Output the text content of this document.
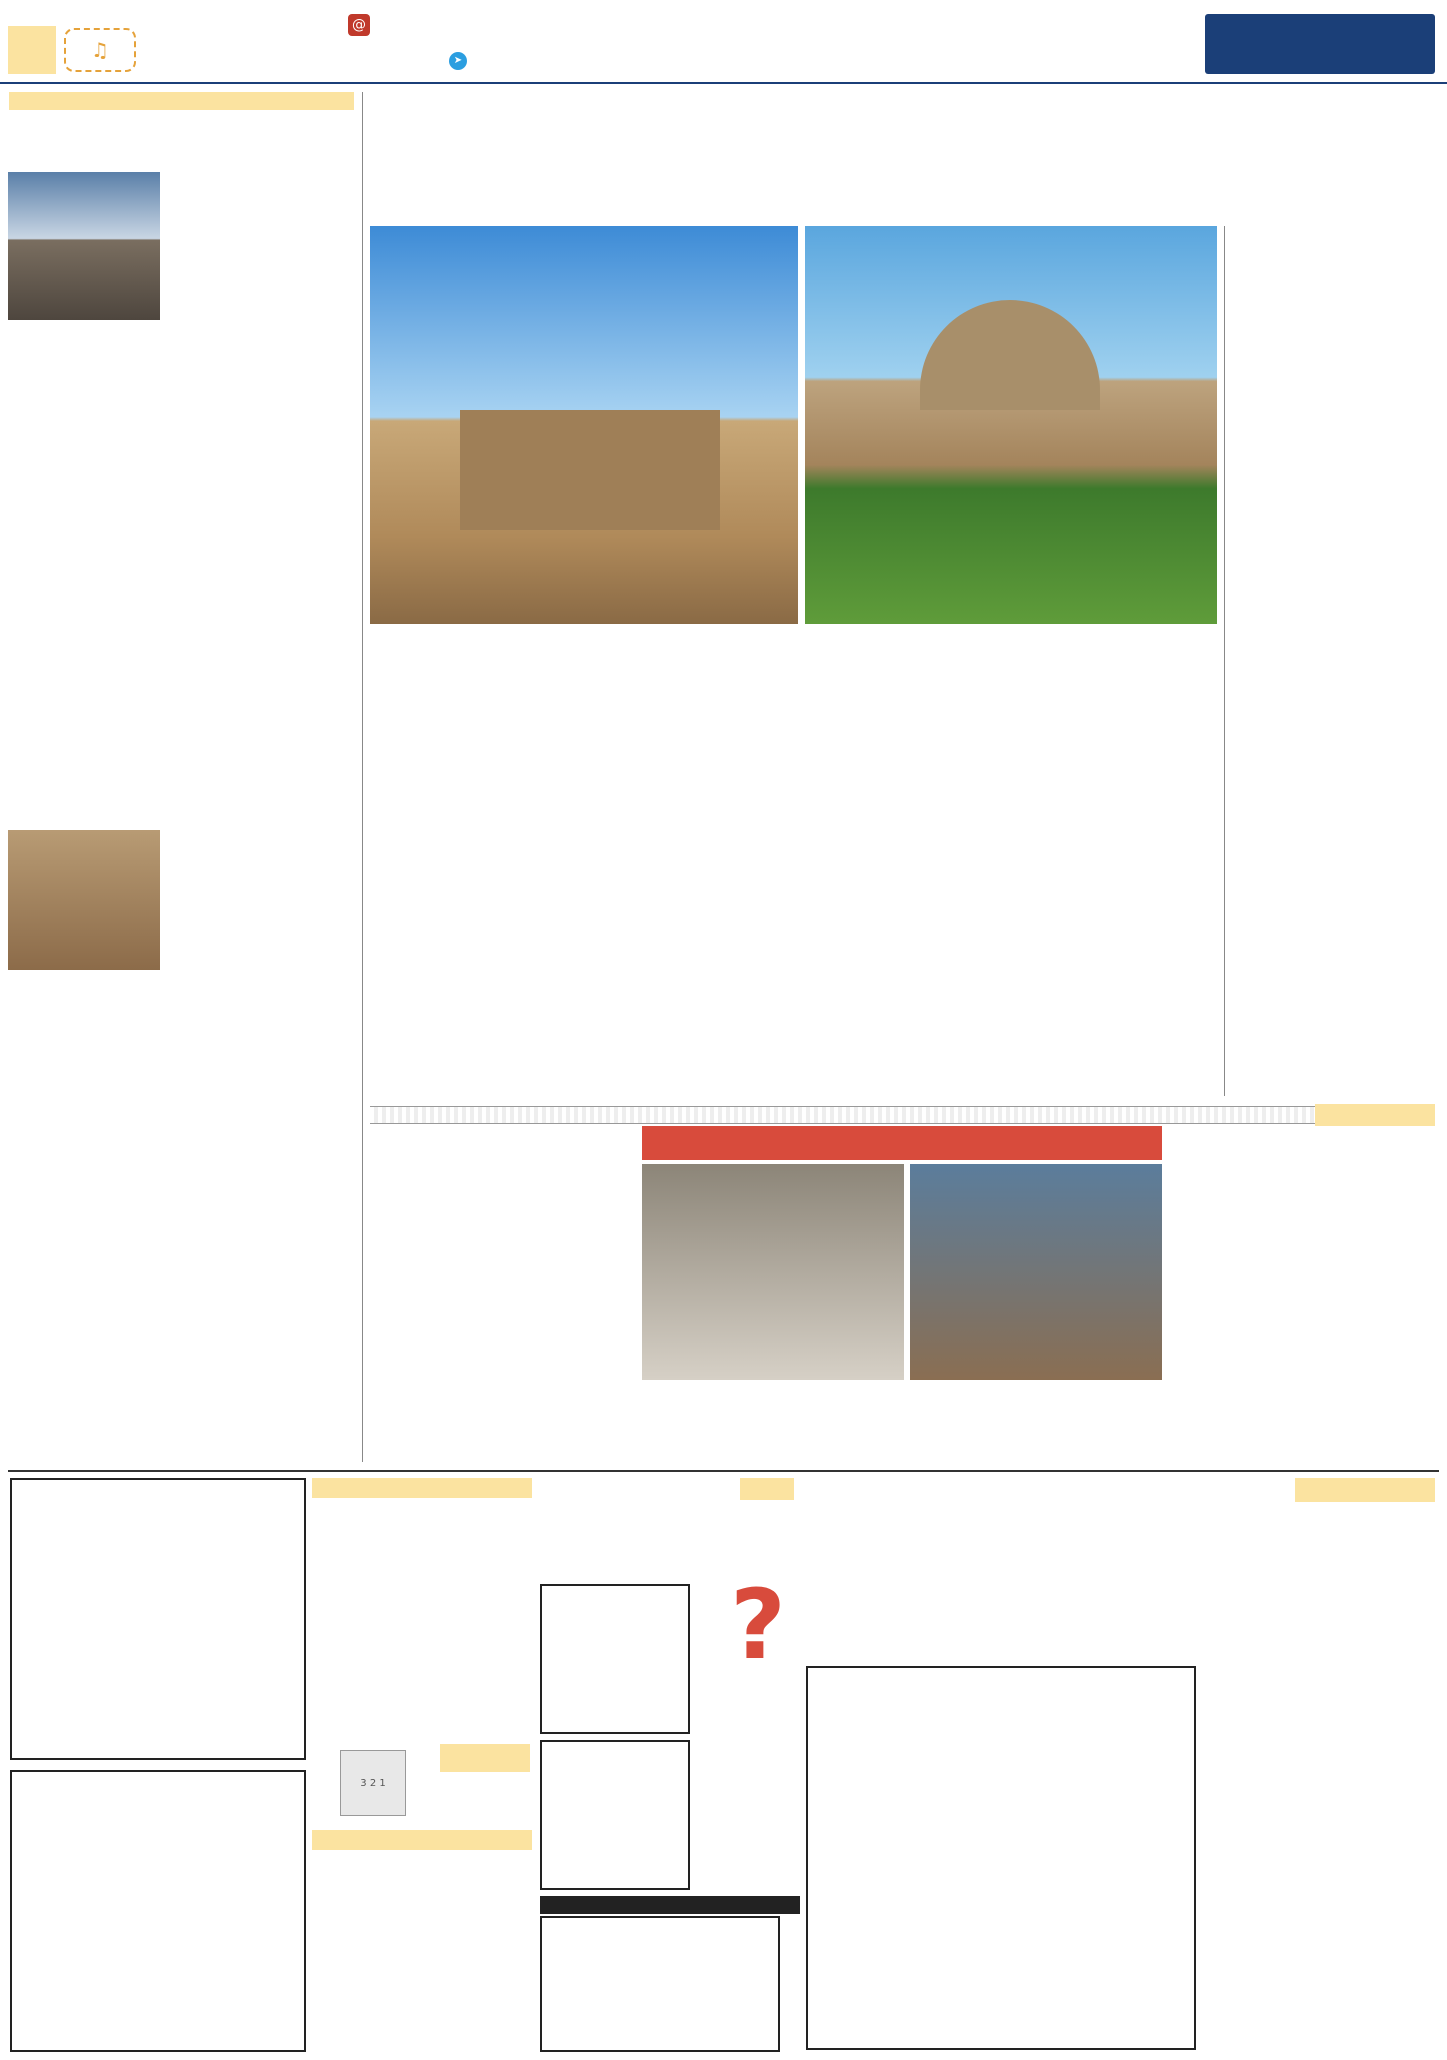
➤
@
♫
?
1 2 3
